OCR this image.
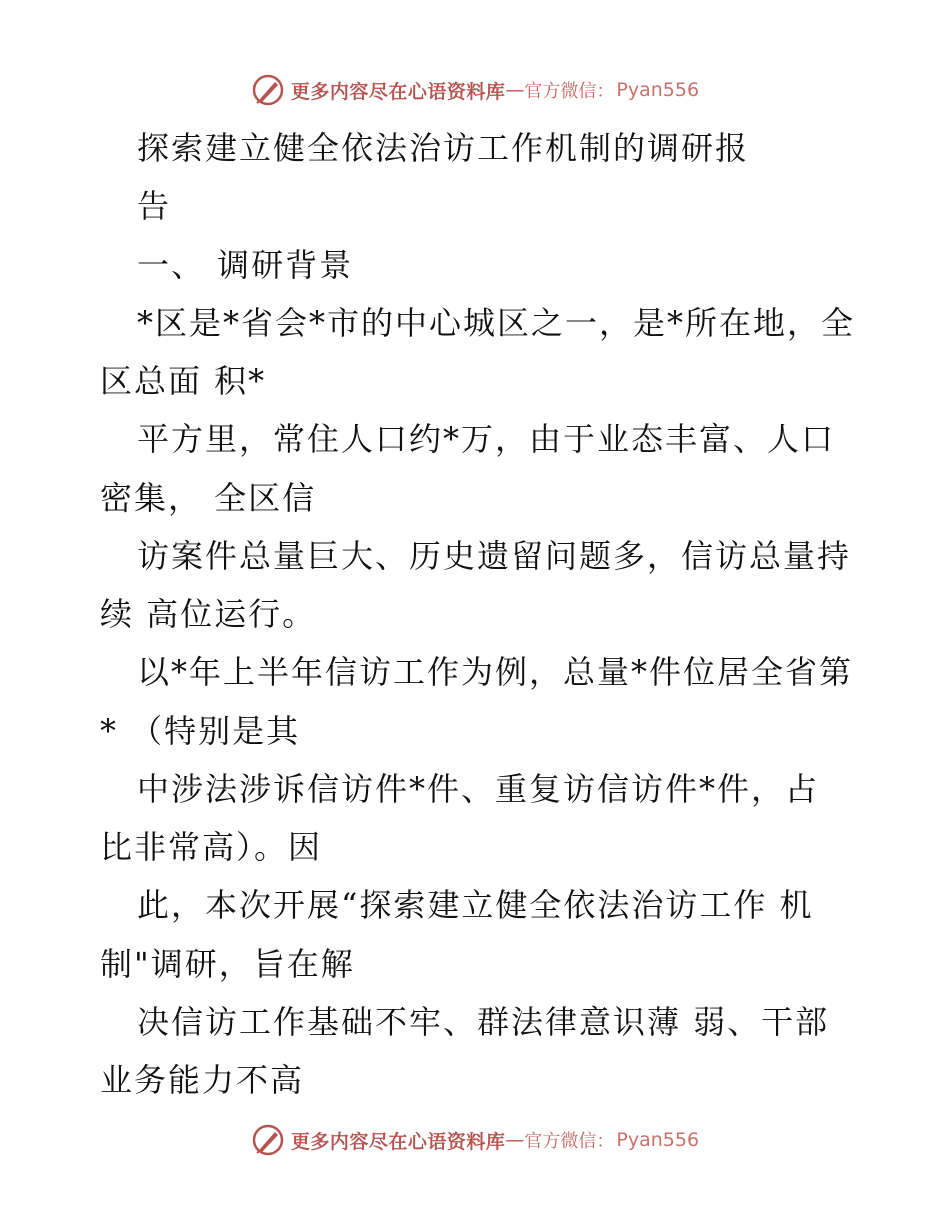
更多内容尽在心语资料库 — 官方微信： Pyan556
探索建立健全依法治访工作机制的调研报
告
一、 调研背景
*区是*省会*市的中心城区之一，是*所在地，全
区总面 积*
平方里，常住人口约*万，由于业态丰富、人口
密集， 全区信
访案件总量巨大、历史遗留问题多，信访总量持
续 高位运行。
以*年上半年信访工作为例，总量*件位居全省第
* （特别是其
中涉法涉诉信访件*件、重复访信访件*件，占
比非常高）。因
此，本次开展“探索建立健全依法治访工作 机
制"调研，旨在解
决信访工作基础不牢、群法律意识薄 弱、干部
业务能力不高
更多内容尽在心语资料库 — 官方微信： Pyan556
